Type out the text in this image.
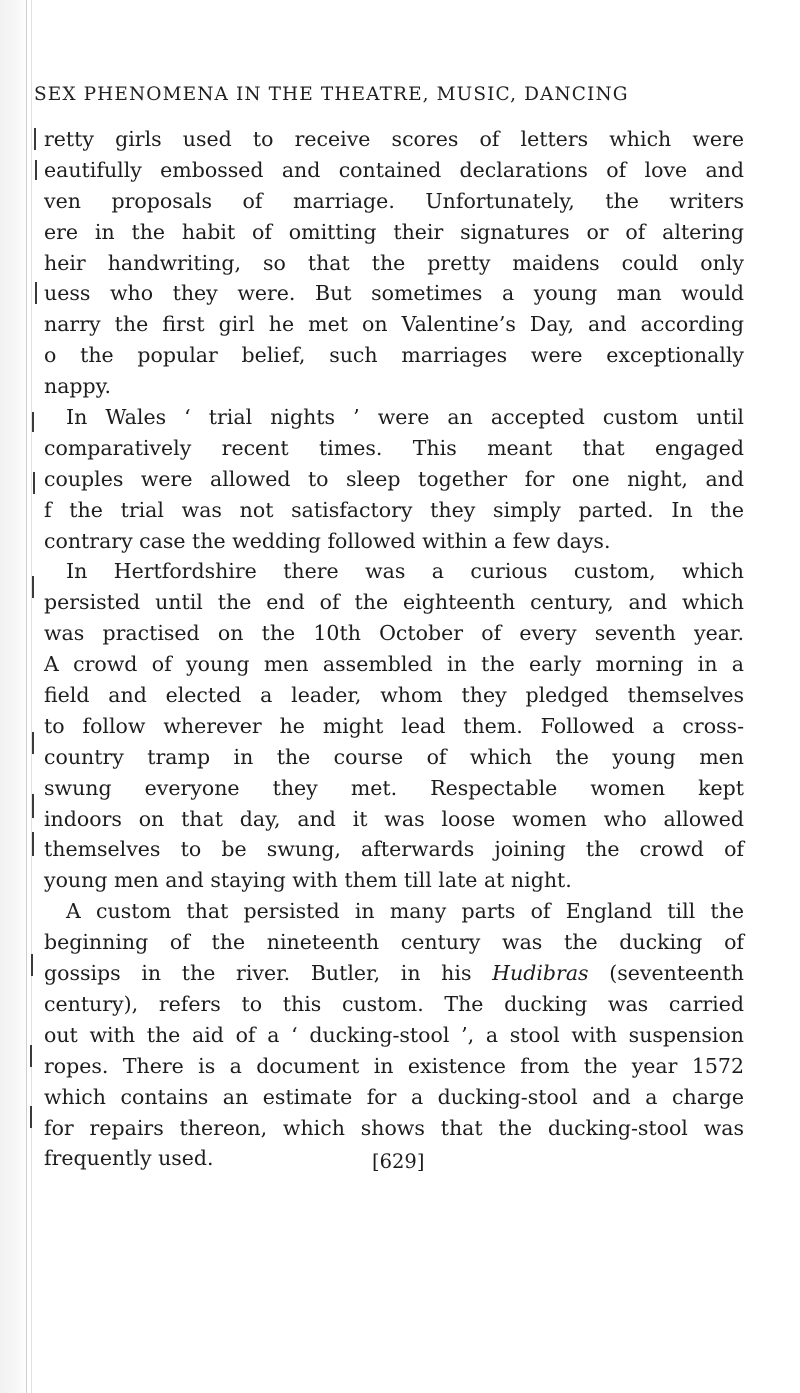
SEX PHENOMENA IN THE THEATRE, MUSIC, DANCING
retty girls used to receive scores of letters which were
eautifully embossed and contained declarations of love and
ven proposals of marriage. Unfortunately, the writers
ere in the habit of omitting their signatures or of altering
heir handwriting, so that the pretty maidens could only
uess who they were. But sometimes a young man would
narry the first girl he met on Valentine’s Day, and according
o the popular belief, such marriages were exceptionally
nappy.
In Wales ‘ trial nights ’ were an accepted custom until
comparatively recent times. This meant that engaged
couples were allowed to sleep together for one night, and
f the trial was not satisfactory they simply parted. In the
contrary case the wedding followed within a few days.
In Hertfordshire there was a curious custom, which
persisted until the end of the eighteenth century, and which
was practised on the 10th October of every seventh year.
A crowd of young men assembled in the early morning in a
field and elected a leader, whom they pledged themselves
to follow wherever he might lead them. Followed a cross-
country tramp in the course of which the young men
swung everyone they met. Respectable women kept
indoors on that day, and it was loose women who allowed
themselves to be swung, afterwards joining the crowd of
young men and staying with them till late at night.
A custom that persisted in many parts of England till the
beginning of the nineteenth century was the ducking of
gossips in the river. Butler, in his Hudibras (seventeenth
century), refers to this custom. The ducking was carried
out with the aid of a ‘ ducking-stool ’, a stool with suspension
ropes. There is a document in existence from the year 1572
which contains an estimate for a ducking-stool and a charge
for repairs thereon, which shows that the ducking-stool was
frequently used.	[629]
